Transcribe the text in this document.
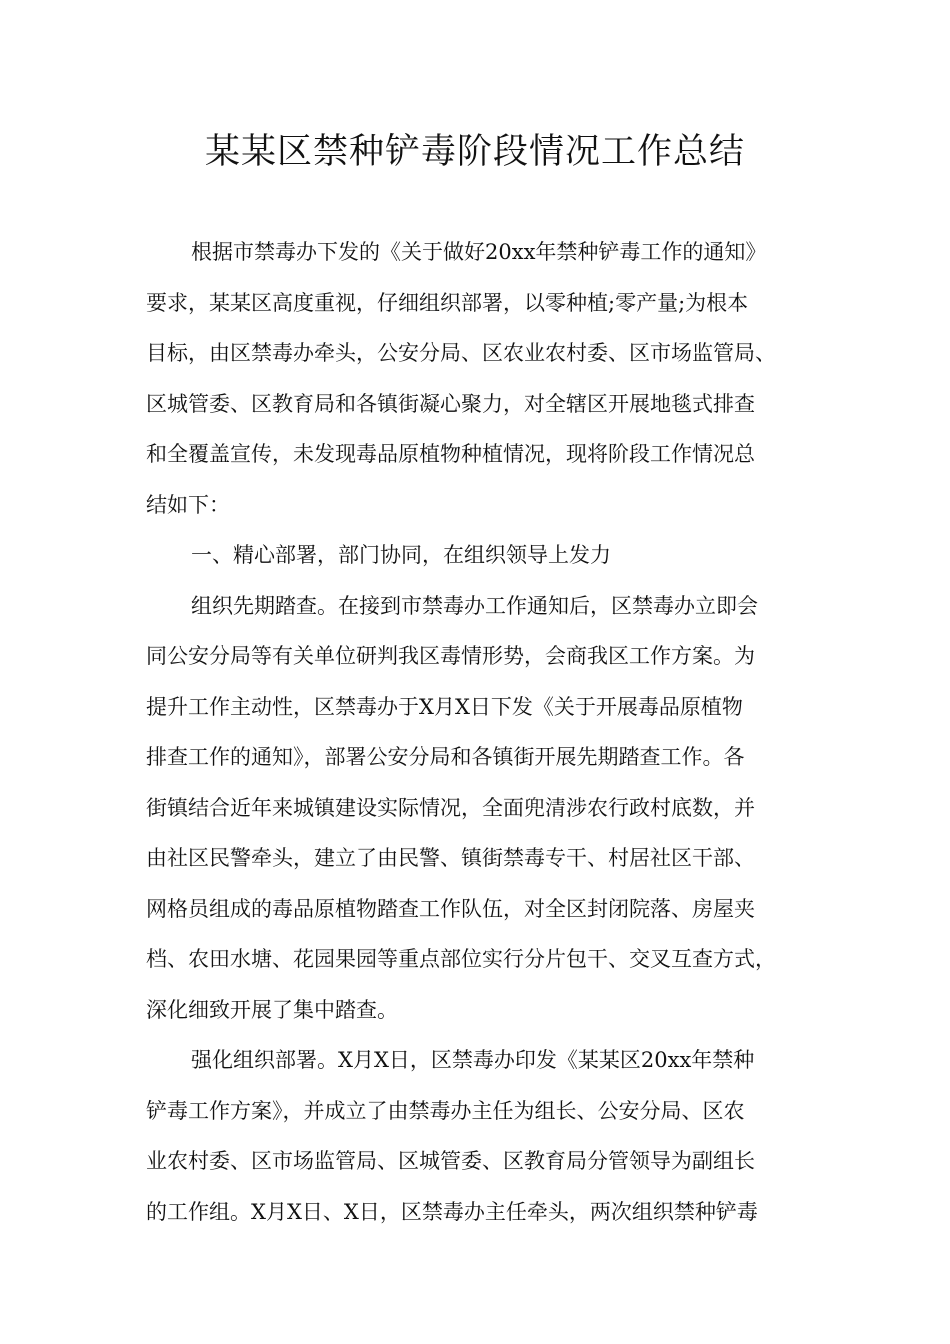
某某区禁种铲毒阶段情况工作总结
根据市禁毒办下发的《关于做好20xx年禁种铲毒工作的通知》
要求，某某区高度重视，仔细组织部署，以零种植;零产量;为根本
目标，由区禁毒办牵头，公安分局、区农业农村委、区市场监管局、
区城管委、区教育局和各镇街凝心聚力，对全辖区开展地毯式排查
和全覆盖宣传，未发现毒品原植物种植情况，现将阶段工作情况总
结如下：
一、精心部署，部门协同，在组织领导上发力
组织先期踏查。在接到市禁毒办工作通知后，区禁毒办立即会
同公安分局等有关单位研判我区毒情形势，会商我区工作方案。为
提升工作主动性，区禁毒办于X月X日下发《关于开展毒品原植物
排查工作的通知》，部署公安分局和各镇街开展先期踏查工作。各
街镇结合近年来城镇建设实际情况，全面兜清涉农行政村底数，并
由社区民警牵头，建立了由民警、镇街禁毒专干、村居社区干部、
网格员组成的毒品原植物踏查工作队伍，对全区封闭院落、房屋夹
档、农田水塘、花园果园等重点部位实行分片包干、交叉互查方式，
深化细致开展了集中踏查。
强化组织部署。X月X日，区禁毒办印发《某某区20xx年禁种
铲毒工作方案》，并成立了由禁毒办主任为组长、公安分局、区农
业农村委、区市场监管局、区城管委、区教育局分管领导为副组长
的工作组。X月X日、X日，区禁毒办主任牵头，两次组织禁种铲毒
